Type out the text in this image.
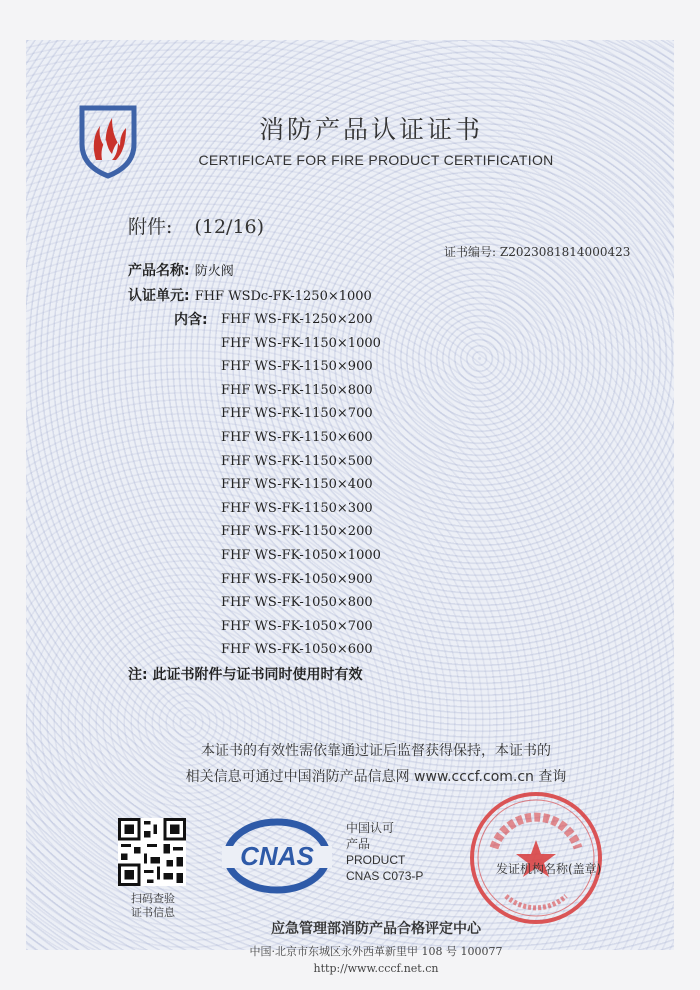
消防产品认证证书
CERTIFICATE FOR FIRE PRODUCT CERTIFICATION
附件: (12/16)
证书编号: Z2023081814000423
产品名称: 防火阀
认证单元: FHF WSDc-FK-1250×1000
内含: FHF WS-FK-1250×200
FHF WS-FK-1150×1000
FHF WS-FK-1150×900
FHF WS-FK-1150×800
FHF WS-FK-1150×700
FHF WS-FK-1150×600
FHF WS-FK-1150×500
FHF WS-FK-1150×400
FHF WS-FK-1150×300
FHF WS-FK-1150×200
FHF WS-FK-1050×1000
FHF WS-FK-1050×900
FHF WS-FK-1050×800
FHF WS-FK-1050×700
FHF WS-FK-1050×600
注: 此证书附件与证书同时使用时有效
本证书的有效性需依靠通过证后监督获得保持，本证书的
相关信息可通过中国消防产品信息网 www.cccf.com.cn 查询
扫码查验
证书信息
CNAS
中国认可
产品
PRODUCT
CNAS C073-P	发证机构名称(盖章)
应急管理部消防产品合格评定中心
中国·北京市东城区永外西革新里甲 108 号 100077
http://www.cccf.net.cn
